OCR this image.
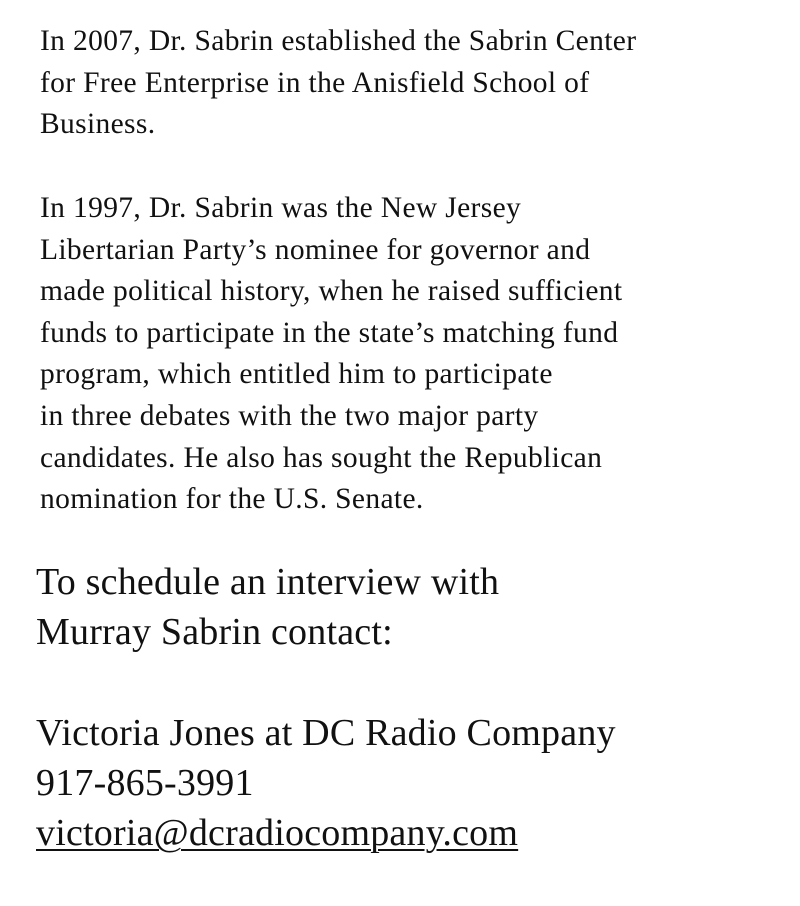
In 2007, Dr. Sabrin established the Sabrin Center
for Free Enterprise in the Anisfield School of
Business.

In 1997, Dr. Sabrin was the New Jersey
Libertarian Party’s nominee for governor and
made political history, when he raised sufficient
funds to participate in the state’s matching fund
program, which entitled him to participate
in three debates with the two major party
candidates. He also has sought the Republican
nomination for the U.S. Senate.

To schedule an interview with
Murray Sabrin contact:

Victoria Jones at DC Radio Company
917-865-3991
victoria@dcradiocompany.com
